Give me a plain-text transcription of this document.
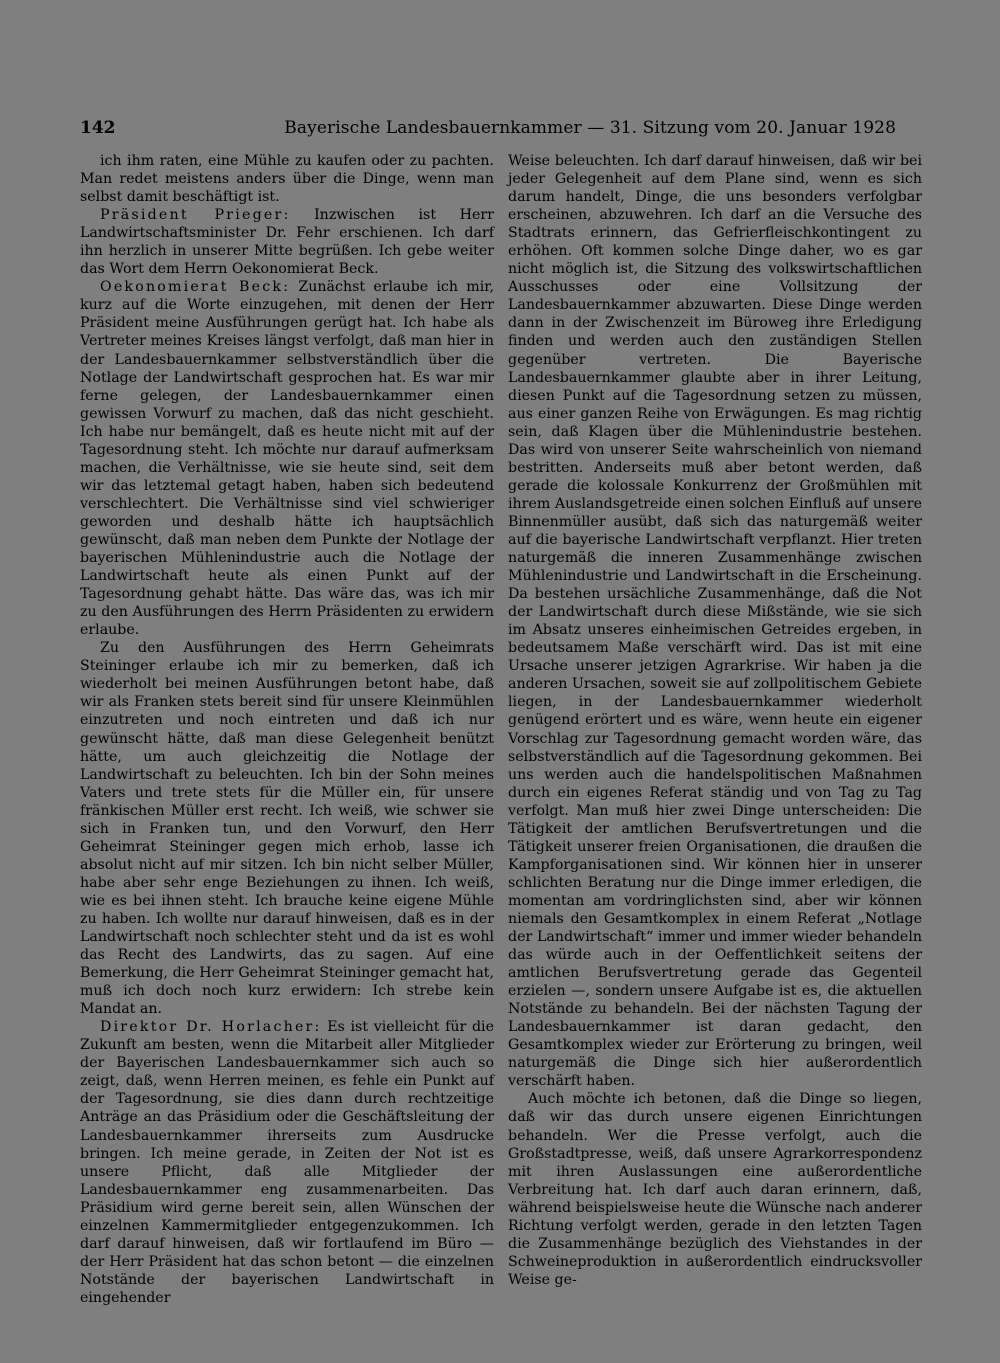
142	Bayerische Landesbauernkammer — 31. Sitzung vom 20. Januar 1928

ich ihm raten, eine Mühle zu kaufen oder zu pachten. Man redet meistens anders über die Dinge, wenn man selbst damit beschäftigt ist.

Präsident Prieger: Inzwischen ist Herr Landwirtschaftsminister Dr. Fehr erschienen. Ich darf ihn herzlich in unserer Mitte begrüßen. Ich gebe weiter das Wort dem Herrn Oekonomierat Beck.

Oekonomierat Beck: Zunächst erlaube ich mir, kurz auf die Worte einzugehen, mit denen der Herr Präsident meine Ausführungen gerügt hat. Ich habe als Vertreter meines Kreises längst verfolgt, daß man hier in der Landesbauernkammer selbstverständlich über die Notlage der Landwirtschaft gesprochen hat. Es war mir ferne gelegen, der Landesbauernkammer einen gewissen Vorwurf zu machen, daß das nicht geschieht. Ich habe nur bemängelt, daß es heute nicht mit auf der Tagesordnung steht. Ich möchte nur darauf aufmerksam machen, die Verhältnisse, wie sie heute sind, seit dem wir das letztemal getagt haben, haben sich bedeutend verschlechtert. Die Verhältnisse sind viel schwieriger geworden und deshalb hätte ich hauptsächlich gewünscht, daß man neben dem Punkte der Notlage der bayerischen Mühlenindustrie auch die Notlage der Landwirtschaft heute als einen Punkt auf der Tagesordnung gehabt hätte. Das wäre das, was ich mir zu den Ausführungen des Herrn Präsidenten zu erwidern erlaube.

Zu den Ausführungen des Herrn Geheimrats Steininger erlaube ich mir zu bemerken, daß ich wiederholt bei meinen Ausführungen betont habe, daß wir als Franken stets bereit sind für unsere Kleinmühlen einzutreten und noch eintreten und daß ich nur gewünscht hätte, daß man diese Gelegenheit benützt hätte, um auch gleichzeitig die Notlage der Landwirtschaft zu beleuchten. Ich bin der Sohn meines Vaters und trete stets für die Müller ein, für unsere fränkischen Müller erst recht. Ich weiß, wie schwer sie sich in Franken tun, und den Vorwurf, den Herr Geheimrat Steininger gegen mich erhob, lasse ich absolut nicht auf mir sitzen. Ich bin nicht selber Müller, habe aber sehr enge Beziehungen zu ihnen. Ich weiß, wie es bei ihnen steht. Ich brauche keine eigene Mühle zu haben. Ich wollte nur darauf hinweisen, daß es in der Landwirtschaft noch schlechter steht und da ist es wohl das Recht des Landwirts, das zu sagen. Auf eine Bemerkung, die Herr Geheimrat Steininger gemacht hat, muß ich doch noch kurz erwidern: Ich strebe kein Mandat an.

Direktor Dr. Horlacher: Es ist vielleicht für die Zukunft am besten, wenn die Mitarbeit aller Mitglieder der Bayerischen Landesbauernkammer sich auch so zeigt, daß, wenn Herren meinen, es fehle ein Punkt auf der Tagesordnung, sie dies dann durch rechtzeitige Anträge an das Präsidium oder die Geschäftsleitung der Landesbauernkammer ihrerseits zum Ausdrucke bringen. Ich meine gerade, in Zeiten der Not ist es unsere Pflicht, daß alle Mitglieder der Landesbauernkammer eng zusammenarbeiten. Das Präsidium wird gerne bereit sein, allen Wünschen der einzelnen Kammermitglieder entgegenzukommen. Ich darf darauf hinweisen, daß wir fortlaufend im Büro — der Herr Präsident hat das schon betont — die einzelnen Notstände der bayerischen Landwirtschaft in eingehender

Weise beleuchten. Ich darf darauf hinweisen, daß wir bei jeder Gelegenheit auf dem Plane sind, wenn es sich darum handelt, Dinge, die uns besonders verfolgbar erscheinen, abzuwehren. Ich darf an die Versuche des Stadtrats erinnern, das Gefrierfleischkontingent zu erhöhen. Oft kommen solche Dinge daher, wo es gar nicht möglich ist, die Sitzung des volkswirtschaftlichen Ausschusses oder eine Vollsitzung der Landesbauernkammer abzuwarten. Diese Dinge werden dann in der Zwischenzeit im Büroweg ihre Erledigung finden und werden auch den zuständigen Stellen gegenüber vertreten. Die Bayerische Landesbauernkammer glaubte aber in ihrer Leitung, diesen Punkt auf die Tagesordnung setzen zu müssen, aus einer ganzen Reihe von Erwägungen. Es mag richtig sein, daß Klagen über die Mühlenindustrie bestehen. Das wird von unserer Seite wahrscheinlich von niemand bestritten. Anderseits muß aber betont werden, daß gerade die kolossale Konkurrenz der Großmühlen mit ihrem Auslandsgetreide einen solchen Einfluß auf unsere Binnenmüller ausübt, daß sich das naturgemäß weiter auf die bayerische Landwirtschaft verpflanzt. Hier treten naturgemäß die inneren Zusammenhänge zwischen Mühlenindustrie und Landwirtschaft in die Erscheinung. Da bestehen ursächliche Zusammenhänge, daß die Not der Landwirtschaft durch diese Mißstände, wie sie sich im Absatz unseres einheimischen Getreides ergeben, in bedeutsamem Maße verschärft wird. Das ist mit eine Ursache unserer jetzigen Agrarkrise. Wir haben ja die anderen Ursachen, soweit sie auf zollpolitischem Gebiete liegen, in der Landesbauernkammer wiederholt genügend erörtert und es wäre, wenn heute ein eigener Vorschlag zur Tagesordnung gemacht worden wäre, das selbstverständlich auf die Tagesordnung gekommen. Bei uns werden auch die handelspolitischen Maßnahmen durch ein eigenes Referat ständig und von Tag zu Tag verfolgt. Man muß hier zwei Dinge unterscheiden: Die Tätigkeit der amtlichen Berufsvertretungen und die Tätigkeit unserer freien Organisationen, die draußen die Kampforganisationen sind. Wir können hier in unserer schlichten Beratung nur die Dinge immer erledigen, die momentan am vordringlichsten sind, aber wir können niemals den Gesamtkomplex in einem Referat „Notlage der Landwirtschaft“ immer und immer wieder behandeln das würde auch in der Oeffentlichkeit seitens der amtlichen Berufsvertretung gerade das Gegenteil erzielen —, sondern unsere Aufgabe ist es, die aktuellen Notstände zu behandeln. Bei der nächsten Tagung der Landesbauernkammer ist daran gedacht, den Gesamtkomplex wieder zur Erörterung zu bringen, weil naturgemäß die Dinge sich hier außerordentlich verschärft haben.

Auch möchte ich betonen, daß die Dinge so liegen, daß wir das durch unsere eigenen Einrichtungen behandeln. Wer die Presse verfolgt, auch die Großstadtpresse, weiß, daß unsere Agrarkorrespondenz mit ihren Auslassungen eine außerordentliche Verbreitung hat. Ich darf auch daran erinnern, daß, während beispielsweise heute die Wünsche nach anderer Richtung verfolgt werden, gerade in den letzten Tagen die Zusammenhänge bezüglich des Viehstandes in der Schweineproduktion in außerordentlich eindrucksvoller Weise ge-
